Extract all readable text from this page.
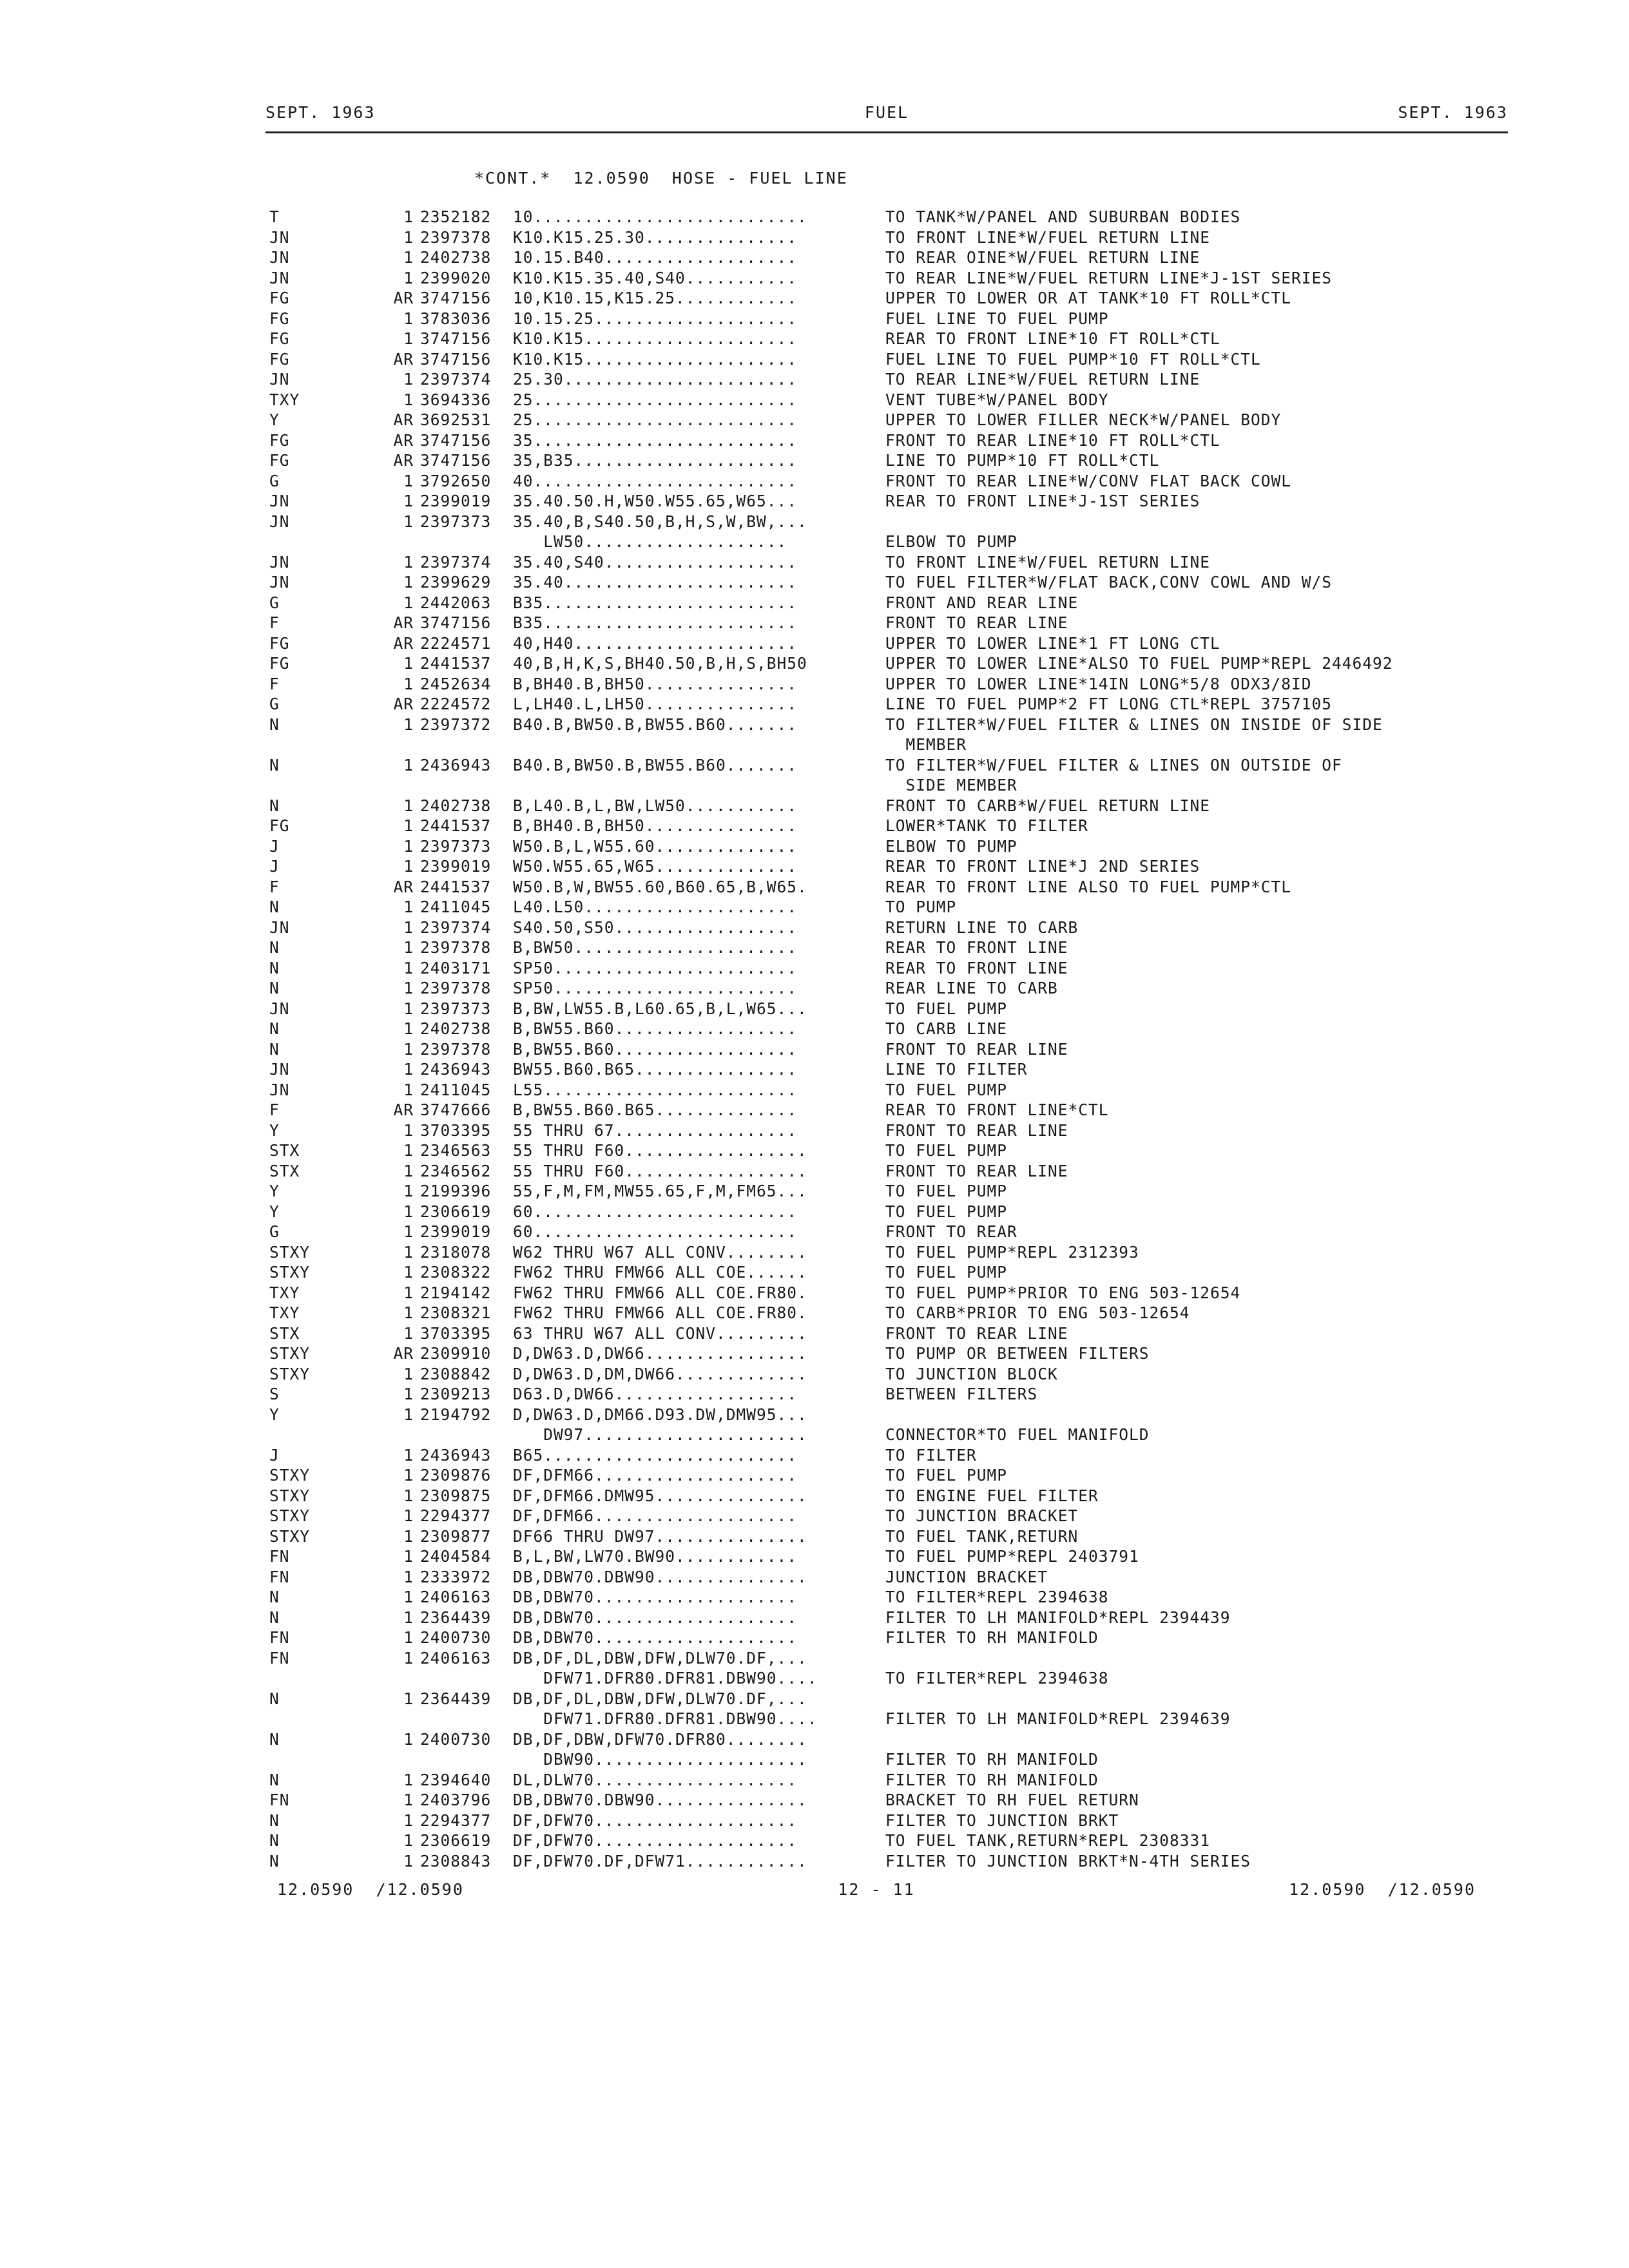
SEPT. 1963	FUEL	SEPT. 1963
*CONT.*  12.0590  HOSE - FUEL LINE
T	1 2352182 10...........................	TO TANK*W/PANEL AND SUBURBAN BODIES
JN	1 2397378 K10.K15.25.30...............	TO FRONT LINE*W/FUEL RETURN LINE
JN	1 2402738 10.15.B40...................	TO REAR OINE*W/FUEL RETURN LINE
JN	1 2399020 K10.K15.35.40,S40...........	TO REAR LINE*W/FUEL RETURN LINE*J-1ST SERIES
FG	AR 3747156 10,K10.15,K15.25............	UPPER TO LOWER OR AT TANK*10 FT ROLL*CTL
FG	1 3783036 10.15.25....................	FUEL LINE TO FUEL PUMP
FG	1 3747156 K10.K15.....................	REAR TO FRONT LINE*10 FT ROLL*CTL
FG	AR 3747156 K10.K15.....................	FUEL LINE TO FUEL PUMP*10 FT ROLL*CTL
JN	1 2397374 25.30.......................	TO REAR LINE*W/FUEL RETURN LINE
TXY	1 3694336 25..........................	VENT TUBE*W/PANEL BODY
Y	AR 3692531 25..........................	UPPER TO LOWER FILLER NECK*W/PANEL BODY
FG	AR 3747156 35..........................	FRONT TO REAR LINE*10 FT ROLL*CTL
FG	AR 3747156 35,B35......................	LINE TO PUMP*10 FT ROLL*CTL
G	1 3792650 40..........................	FRONT TO REAR LINE*W/CONV FLAT BACK COWL
JN	1 2399019 35.40.50.H,W50.W55.65,W65...	REAR TO FRONT LINE*J-1ST SERIES
JN	1 2397373 35.40,B,S40.50,B,H,S,W,BW,...
LW50....................	ELBOW TO PUMP
JN	1 2397374 35.40,S40...................	TO FRONT LINE*W/FUEL RETURN LINE
JN	1 2399629 35.40.......................	TO FUEL FILTER*W/FLAT BACK,CONV COWL AND W/S
G	1 2442063 B35.........................	FRONT AND REAR LINE
F	AR 3747156 B35.........................	FRONT TO REAR LINE
FG	AR 2224571 40,H40......................	UPPER TO LOWER LINE*1 FT LONG CTL
FG	1 2441537 40,B,H,K,S,BH40.50,B,H,S,BH50	UPPER TO LOWER LINE*ALSO TO FUEL PUMP*REPL 2446492
F	1 2452634 B,BH40.B,BH50...............	UPPER TO LOWER LINE*14IN LONG*5/8 ODX3/8ID
G	AR 2224572 L,LH40.L,LH50...............	LINE TO FUEL PUMP*2 FT LONG CTL*REPL 3757105
N	1 2397372 B40.B,BW50.B,BW55.B60.......	TO FILTER*W/FUEL FILTER & LINES ON INSIDE OF SIDE
MEMBER
N	1 2436943 B40.B,BW50.B,BW55.B60.......	TO FILTER*W/FUEL FILTER & LINES ON OUTSIDE OF
SIDE MEMBER
N	1 2402738 B,L40.B,L,BW,LW50...........	FRONT TO CARB*W/FUEL RETURN LINE
FG	1 2441537 B,BH40.B,BH50...............	LOWER*TANK TO FILTER
J	1 2397373 W50.B,L,W55.60..............	ELBOW TO PUMP
J	1 2399019 W50.W55.65,W65..............	REAR TO FRONT LINE*J 2ND SERIES
F	AR 2441537 W50.B,W,BW55.60,B60.65,B,W65.	REAR TO FRONT LINE ALSO TO FUEL PUMP*CTL
N	1 2411045 L40.L50.....................	TO PUMP
JN	1 2397374 S40.50,S50..................	RETURN LINE TO CARB
N	1 2397378 B,BW50......................	REAR TO FRONT LINE
N	1 2403171 SP50........................	REAR TO FRONT LINE
N	1 2397378 SP50........................	REAR LINE TO CARB
JN	1 2397373 B,BW,LW55.B,L60.65,B,L,W65...	TO FUEL PUMP
N	1 2402738 B,BW55.B60..................	TO CARB LINE
N	1 2397378 B,BW55.B60..................	FRONT TO REAR LINE
JN	1 2436943 BW55.B60.B65................	LINE TO FILTER
JN	1 2411045 L55.........................	TO FUEL PUMP
F	AR 3747666 B,BW55.B60.B65..............	REAR TO FRONT LINE*CTL
Y	1 3703395 55 THRU 67..................	FRONT TO REAR LINE
STX	1 2346563 55 THRU F60..................	TO FUEL PUMP
STX	1 2346562 55 THRU F60..................	FRONT TO REAR LINE
Y	1 2199396 55,F,M,FM,MW55.65,F,M,FM65...	TO FUEL PUMP
Y	1 2306619 60..........................	TO FUEL PUMP
G	1 2399019 60..........................	FRONT TO REAR
STXY	1 2318078 W62 THRU W67 ALL CONV........	TO FUEL PUMP*REPL 2312393
STXY	1 2308322 FW62 THRU FMW66 ALL COE......	TO FUEL PUMP
TXY	1 2194142 FW62 THRU FMW66 ALL COE.FR80.	TO FUEL PUMP*PRIOR TO ENG 503-12654
TXY	1 2308321 FW62 THRU FMW66 ALL COE.FR80.	TO CARB*PRIOR TO ENG 503-12654
STX	1 3703395 63 THRU W67 ALL CONV.........	FRONT TO REAR LINE
STXY	AR 2309910 D,DW63.D,DW66................	TO PUMP OR BETWEEN FILTERS
STXY	1 2308842 D,DW63.D,DM,DW66.............	TO JUNCTION BLOCK
S	1 2309213 D63.D,DW66..................	BETWEEN FILTERS
Y	1 2194792 D,DW63.D,DM66.D93.DW,DMW95...
DW97......................	CONNECTOR*TO FUEL MANIFOLD
J	1 2436943 B65.........................	TO FILTER
STXY	1 2309876 DF,DFM66....................	TO FUEL PUMP
STXY	1 2309875 DF,DFM66.DMW95...............	TO ENGINE FUEL FILTER
STXY	1 2294377 DF,DFM66....................	TO JUNCTION BRACKET
STXY	1 2309877 DF66 THRU DW97...............	TO FUEL TANK,RETURN
FN	1 2404584 B,L,BW,LW70.BW90............	TO FUEL PUMP*REPL 2403791
FN	1 2333972 DB,DBW70.DBW90...............	JUNCTION BRACKET
N	1 2406163 DB,DBW70....................	TO FILTER*REPL 2394638
N	1 2364439 DB,DBW70....................	FILTER TO LH MANIFOLD*REPL 2394439
FN	1 2400730 DB,DBW70....................	FILTER TO RH MANIFOLD
FN	1 2406163 DB,DF,DL,DBW,DFW,DLW70.DF,...
DFW71.DFR80.DFR81.DBW90....	TO FILTER*REPL 2394638
N	1 2364439 DB,DF,DL,DBW,DFW,DLW70.DF,...
DFW71.DFR80.DFR81.DBW90....	FILTER TO LH MANIFOLD*REPL 2394639
N	1 2400730 DB,DF,DBW,DFW70.DFR80........
DBW90.....................	FILTER TO RH MANIFOLD
N	1 2394640 DL,DLW70....................	FILTER TO RH MANIFOLD
FN	1 2403796 DB,DBW70.DBW90...............	BRACKET TO RH FUEL RETURN
N	1 2294377 DF,DFW70....................	FILTER TO JUNCTION BRKT
N	1 2306619 DF,DFW70....................	TO FUEL TANK,RETURN*REPL 2308331
N	1 2308843 DF,DFW70.DF,DFW71............	FILTER TO JUNCTION BRKT*N-4TH SERIES
12.0590  /12.0590	12 - 11	12.0590  /12.0590
